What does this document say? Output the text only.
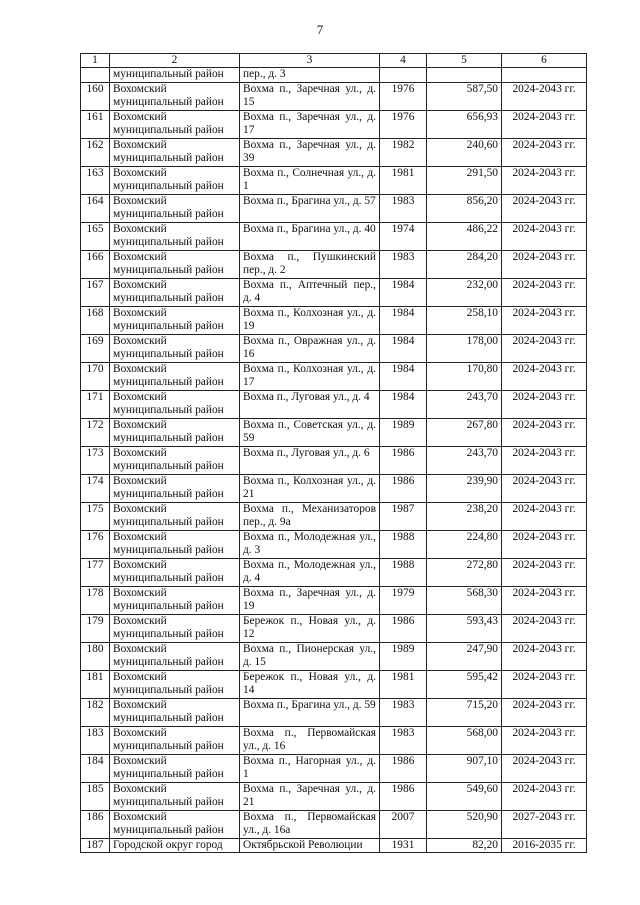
7
1	2	3	4	5	6
	муниципальный район	пер., д. 3			
160	Вохомский муниципальный район	Вохма п., Заречная ул., д. 15	1976	587,50	2024-2043 гг.
161	Вохомский муниципальный район	Вохма п., Заречная ул., д. 17	1976	656,93	2024-2043 гг.
162	Вохомский муниципальный район	Вохма п., Заречная ул., д. 39	1982	240,60	2024-2043 гг.
163	Вохомский муниципальный район	Вохма п., Солнечная ул., д. 1	1981	291,50	2024-2043 гг.
164	Вохомский муниципальный район	Вохма п., Брагина ул., д. 57	1983	856,20	2024-2043 гг.
165	Вохомский муниципальный район	Вохма п., Брагина ул., д. 40	1974	486,22	2024-2043 гг.
166	Вохомский муниципальный район	Вохма п., Пушкинский пер., д. 2	1983	284,20	2024-2043 гг.
167	Вохомский муниципальный район	Вохма п., Аптечный пер., д. 4	1984	232,00	2024-2043 гг.
168	Вохомский муниципальный район	Вохма п., Колхозная ул., д. 19	1984	258,10	2024-2043 гг.
169	Вохомский муниципальный район	Вохма п., Овражная ул., д. 16	1984	178,00	2024-2043 гг.
170	Вохомский муниципальный район	Вохма п., Колхозная ул., д. 17	1984	170,80	2024-2043 гг.
171	Вохомский муниципальный район	Вохма п., Луговая ул., д. 4	1984	243,70	2024-2043 гг.
172	Вохомский муниципальный район	Вохма п., Советская ул., д. 59	1989	267,80	2024-2043 гг.
173	Вохомский муниципальный район	Вохма п., Луговая ул., д. 6	1986	243,70	2024-2043 гг.
174	Вохомский муниципальный район	Вохма п., Колхозная ул., д. 21	1986	239,90	2024-2043 гг.
175	Вохомский муниципальный район	Вохма п., Механизаторов пер., д. 9а	1987	238,20	2024-2043 гг.
176	Вохомский муниципальный район	Вохма п., Молодежная ул., д. 3	1988	224,80	2024-2043 гг.
177	Вохомский муниципальный район	Вохма п., Молодежная ул., д. 4	1988	272,80	2024-2043 гг.
178	Вохомский муниципальный район	Вохма п., Заречная ул., д. 19	1979	568,30	2024-2043 гг.
179	Вохомский муниципальный район	Бережок п., Новая ул., д. 12	1986	593,43	2024-2043 гг.
180	Вохомский муниципальный район	Вохма п., Пионерская ул., д. 15	1989	247,90	2024-2043 гг.
181	Вохомский муниципальный район	Бережок п., Новая ул., д. 14	1981	595,42	2024-2043 гг.
182	Вохомский муниципальный район	Вохма п., Брагина ул., д. 59	1983	715,20	2024-2043 гг.
183	Вохомский муниципальный район	Вохма п., Первомайская ул., д. 16	1983	568,00	2024-2043 гг.
184	Вохомский муниципальный район	Вохма п., Нагорная ул., д. 1	1986	907,10	2024-2043 гг.
185	Вохомский муниципальный район	Вохма п., Заречная ул., д. 21	1986	549,60	2024-2043 гг.
186	Вохомский муниципальный район	Вохма п., Первомайская ул., д. 16а	2007	520,90	2027-2043 гг.
187	Городской округ город	Октябрьской Революции	1931	82,20	2016-2035 гг.
